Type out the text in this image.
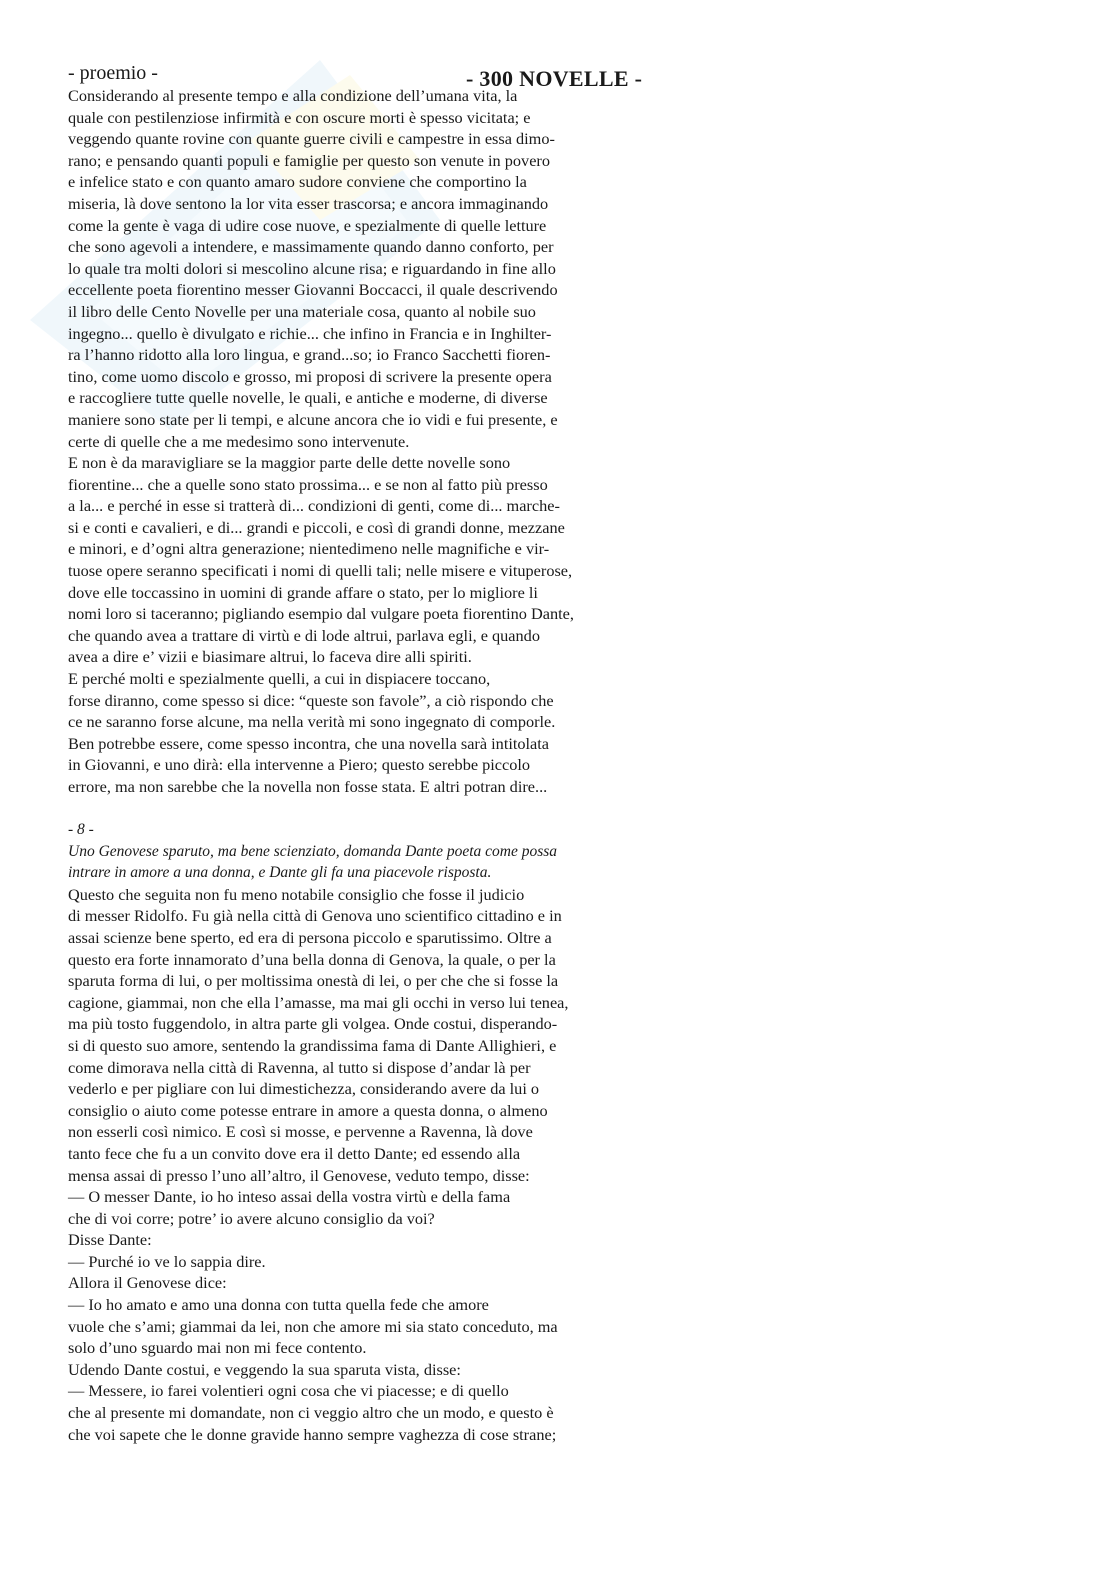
- 300 NOVELLE -
- proemio -
Considerando al presente tempo e alla condizione dell’umana vita, la
quale con pestilenziose infirmità e con oscure morti è spesso vicitata; e
veggendo quante rovine con quante guerre civili e campestre in essa dimo-
rano; e pensando quanti populi e famiglie per questo son venute in povero
e infelice stato e con quanto amaro sudore conviene che comportino la
miseria, là dove sentono la lor vita esser trascorsa; e ancora immaginando
come la gente è vaga di udire cose nuove, e spezialmente di quelle letture
che sono agevoli a intendere, e massimamente quando danno conforto, per
lo quale tra molti dolori si mescolino alcune risa; e riguardando in fine allo
eccellente poeta fiorentino messer Giovanni Boccacci, il quale descrivendo
il libro delle Cento Novelle per una materiale cosa, quanto al nobile suo
ingegno... quello è divulgato e richie... che infino in Francia e in Inghilter-
ra l’hanno ridotto alla loro lingua, e grand...so; io Franco Sacchetti fioren-
tino, come uomo discolo e grosso, mi proposi di scrivere la presente opera
e raccogliere tutte quelle novelle, le quali, e antiche e moderne, di diverse
maniere sono state per li tempi, e alcune ancora che io vidi e fui presente, e
certe di quelle che a me medesimo sono intervenute.
E non è da maravigliare se la maggior parte delle dette novelle sono
fiorentine... che a quelle sono stato prossima... e se non al fatto più presso
a la... e perché in esse si tratterà di... condizioni di genti, come di... marche-
si e conti e cavalieri, e di... grandi e piccoli, e così di grandi donne, mezzane
e minori, e d’ogni altra generazione; nientedimeno nelle magnifiche e vir-
tuose opere seranno specificati i nomi di quelli tali; nelle misere e vituperose,
dove elle toccassino in uomini di grande affare o stato, per lo migliore li
nomi loro si taceranno; pigliando esempio dal vulgare poeta fiorentino Dante,
che quando avea a trattare di virtù e di lode altrui, parlava egli, e quando
avea a dire e’ vizii e biasimare altrui, lo faceva dire alli spiriti.
E perché molti e spezialmente quelli, a cui in dispiacere toccano,
forse diranno, come spesso si dice: “queste son favole”, a ciò rispondo che
ce ne saranno forse alcune, ma nella verità mi sono ingegnato di comporle.
Ben potrebbe essere, come spesso incontra, che una novella sarà intitolata
in Giovanni, e uno dirà: ella intervenne a Piero; questo serebbe piccolo
errore, ma non sarebbe che la novella non fosse stata. E altri potran dire...
- 8 -
Uno Genovese sparuto, ma bene scienziato, domanda Dante poeta come possa
intrare in amore a una donna, e Dante gli fa una piacevole risposta.
Questo che seguita non fu meno notabile consiglio che fosse il judicio
di messer Ridolfo. Fu già nella città di Genova uno scientifico cittadino e in
assai scienze bene sperto, ed era di persona piccolo e sparutissimo. Oltre a
questo era forte innamorato d’una bella donna di Genova, la quale, o per la
sparuta forma di lui, o per moltissima onestà di lei, o per che che si fosse la
cagione, giammai, non che ella l’amasse, ma mai gli occhi in verso lui tenea,
ma più tosto fuggendolo, in altra parte gli volgea. Onde costui, disperando-
si di questo suo amore, sentendo la grandissima fama di Dante Allighieri, e
come dimorava nella città di Ravenna, al tutto si dispose d’andar là per
vederlo e per pigliare con lui dimestichezza, considerando avere da lui o
consiglio o aiuto come potesse entrare in amore a questa donna, o almeno
non esserli così nimico. E così si mosse, e pervenne a Ravenna, là dove
tanto fece che fu a un convito dove era il detto Dante; ed essendo alla
mensa assai di presso l’uno all’altro, il Genovese, veduto tempo, disse:
— O messer Dante, io ho inteso assai della vostra virtù e della fama
che di voi corre; potre’ io avere alcuno consiglio da voi?
Disse Dante:
— Purché io ve lo sappia dire.
Allora il Genovese dice:
— Io ho amato e amo una donna con tutta quella fede che amore
vuole che s’ami; giammai da lei, non che amore mi sia stato conceduto, ma
solo d’uno sguardo mai non mi fece contento.
Udendo Dante costui, e veggendo la sua sparuta vista, disse:
— Messere, io farei volentieri ogni cosa che vi piacesse; e di quello
che al presente mi domandate, non ci veggio altro che un modo, e questo è
che voi sapete che le donne gravide hanno sempre vaghezza di cose strane;
